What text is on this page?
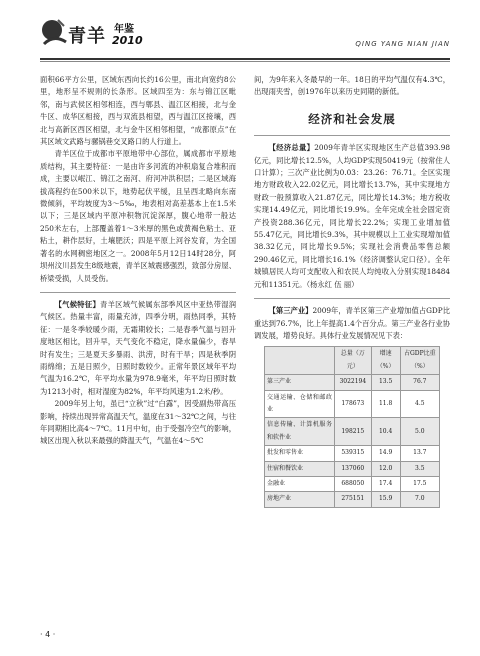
青羊 年鉴
2010	QING YANG NIAN JIAN

面积66平方公里，区域东西向长约16公里，南北向宽约8公里，地形呈不规则的长条形。区域四至为：东与锦江区毗邻，南与武侯区相邻相连，西与郫县、温江区相接，北与金牛区、成华区相接，西与双流县相望，西与温江区接壤，西北与高新区西区相望，北与金牛区相邻相望，“成都原点”在其区域文武路与骡锅巷交叉路口的人行道上。

青羊区位于成都市平原地带中心部位，属成都市平原地质结构，其主要特征：一是由许多河流的冲积扇复合堆积而成，主要以岷江、锦江之南河、府河冲洪积层；二是区域海拔高程约在500米以下，地势起伏平缓，且呈西北略向东南微倾斜，平均坡度为3～5‰，地表相对高差基本上在1.5米以下；三是区域内平原冲积物沉淀深厚，腹心地带一般达250米左右，上部覆盖着1～3米厚的黑色或黄褐色粘土、亚粘土，耕作层好，土壤肥沃；四是平原上河谷发育，为全国著名的水网稠密地区之一。2008年5月12日14时28分，阿坝州汶川县发生8级地震，青羊区城震感强烈，致部分房屋、桥梁受损，人员受伤。

【气候特征】青羊区域气候属东部季风区中亚热带湿润气候区。热量丰富，雨量充沛，四季分明，雨热同季，其特征：一是冬季较暖少雨，无霜期较长；二是春季气温与回升度地区相比，回升早，天气变化不稳定，降水量偏少，春旱时有发生；三是夏天多暴雨、洪涝，时有干旱；四是秋季阴雨绵绵；五是日照少，日照时数较少。正常年景区域年平均气温为16.2℃，年平均水量为978.9毫米，年平均日照时数为1213小时，相对湿度为82%，年平均风速为1.2米/秒。

2009年另上句，虽已“立秋”过“白露”，因受副热带高压影响，持续出现异常高温天气，温度在31～32℃之间，与往年同期相比高4～7℃。11月中旬，由于受强冷空气的影响，城区出现入秋以来最强的降温天气，气温在4～5℃

间，为9年来入冬最早的一年。18日的平均气温仅有4.3℃，出现雨夹雪，创1976年以来历史同期的新低。

经济和社会发展

【经济总量】2009年青羊区实现地区生产总值393.98亿元，同比增长12.5%，人均GDP实现50419元（按常住人口计算）；三次产业比例为0.03：23.26：76.71。全区实现地方财政收入22.02亿元，同比增长13.7%，其中实现地方财政一般预算收入21.87亿元，同比增长14.3%；地方税收实现14.49亿元，同比增长19.9%。全年完成全社会固定资产投资288.36亿元，同比增长22.2%；实现工业增加值55.47亿元，同比增长9.3%，其中规模以上工业实现增加值38.32亿元，同比增长9.5%；实现社会消费品零售总额290.46亿元，同比增长16.1%（经济调整认定口径）。全年城镇居民人均可支配收入和农民人均纯收入分别实现18484元和11351元。（杨永红 伍 丽）

【第三产业】2009年，青羊区第三产业增加值占GDP比重达到76.7%，比上年提高1.4个百分点。第三产业各行业协调发展，增势良好。具体行业发展情况见下表：

	总量（万元）	增速（%）	占GDP比重（%）
第三产业	3022194	13.5	76.7
交通运输、仓储和邮政业	178673	11.8	4.5
信息传输、计算机服务和软件业	198215	10.4	5.0
批发和零售业	539315	14.9	13.7
住宿和餐饮业	137060	12.0	3.5
金融业	688050	17.4	17.5
房地产业	275151	15.9	7.0
· 4 ·
